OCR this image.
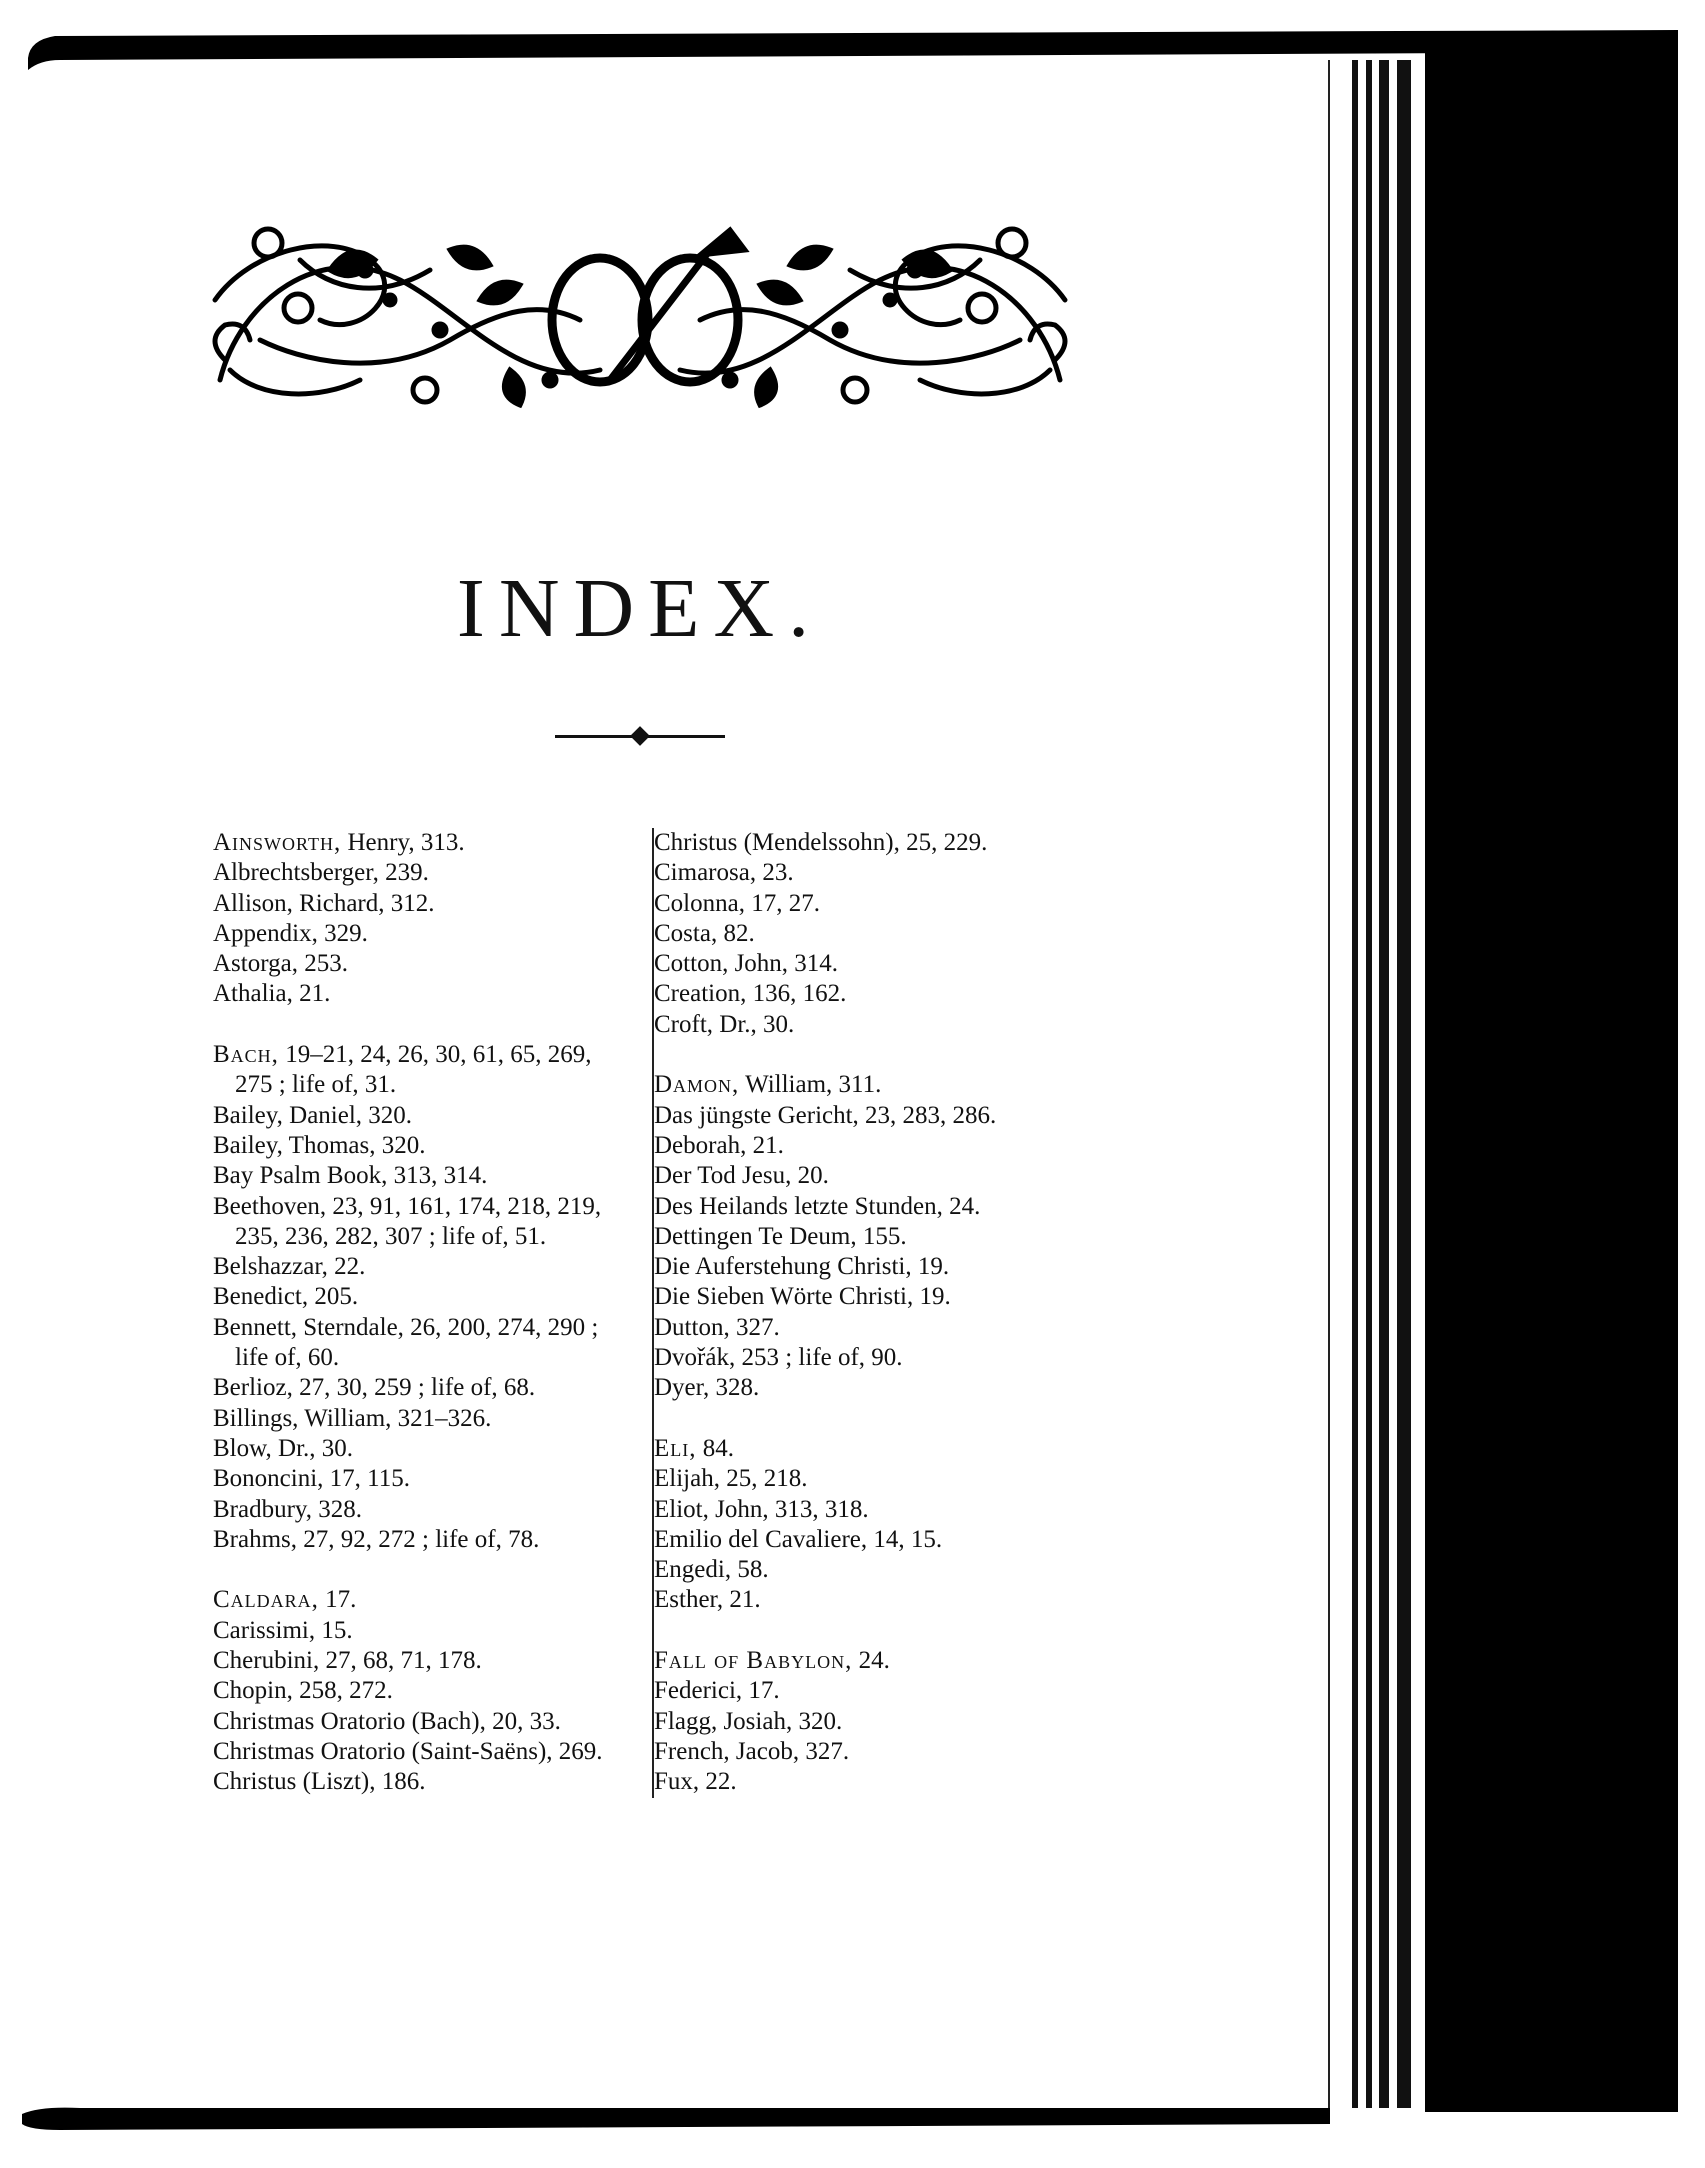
INDEX.
Ainsworth, Henry, 313.
Albrechtsberger, 239.
Allison, Richard, 312.
Appendix, 329.
Astorga, 253.
Athalia, 21.
Bach, 19–21, 24, 26, 30, 61, 65, 269, 275 ; life of, 31.
Bailey, Daniel, 320.
Bailey, Thomas, 320.
Bay Psalm Book, 313, 314.
Beethoven, 23, 91, 161, 174, 218, 219, 235, 236, 282, 307 ; life of, 51.
Belshazzar, 22.
Benedict, 205.
Bennett, Sterndale, 26, 200, 274, 290 ; life of, 60.
Berlioz, 27, 30, 259 ; life of, 68.
Billings, William, 321–326.
Blow, Dr., 30.
Bononcini, 17, 115.
Bradbury, 328.
Brahms, 27, 92, 272 ; life of, 78.
Caldara, 17.
Carissimi, 15.
Cherubini, 27, 68, 71, 178.
Chopin, 258, 272.
Christmas Oratorio (Bach), 20, 33.
Christmas Oratorio (Saint-Saëns), 269.
Christus (Liszt), 186.
Christus (Mendelssohn), 25, 229.
Cimarosa, 23.
Colonna, 17, 27.
Costa, 82.
Cotton, John, 314.
Creation, 136, 162.
Croft, Dr., 30.
Damon, William, 311.
Das jüngste Gericht, 23, 283, 286.
Deborah, 21.
Der Tod Jesu, 20.
Des Heilands letzte Stunden, 24.
Dettingen Te Deum, 155.
Die Auferstehung Christi, 19.
Die Sieben Wörte Christi, 19.
Dutton, 327.
Dvořák, 253 ; life of, 90.
Dyer, 328.
Eli, 84.
Elijah, 25, 218.
Eliot, John, 313, 318.
Emilio del Cavaliere, 14, 15.
Engedi, 58.
Esther, 21.
Fall of Babylon, 24.
Federici, 17.
Flagg, Josiah, 320.
French, Jacob, 327.
Fux, 22.
